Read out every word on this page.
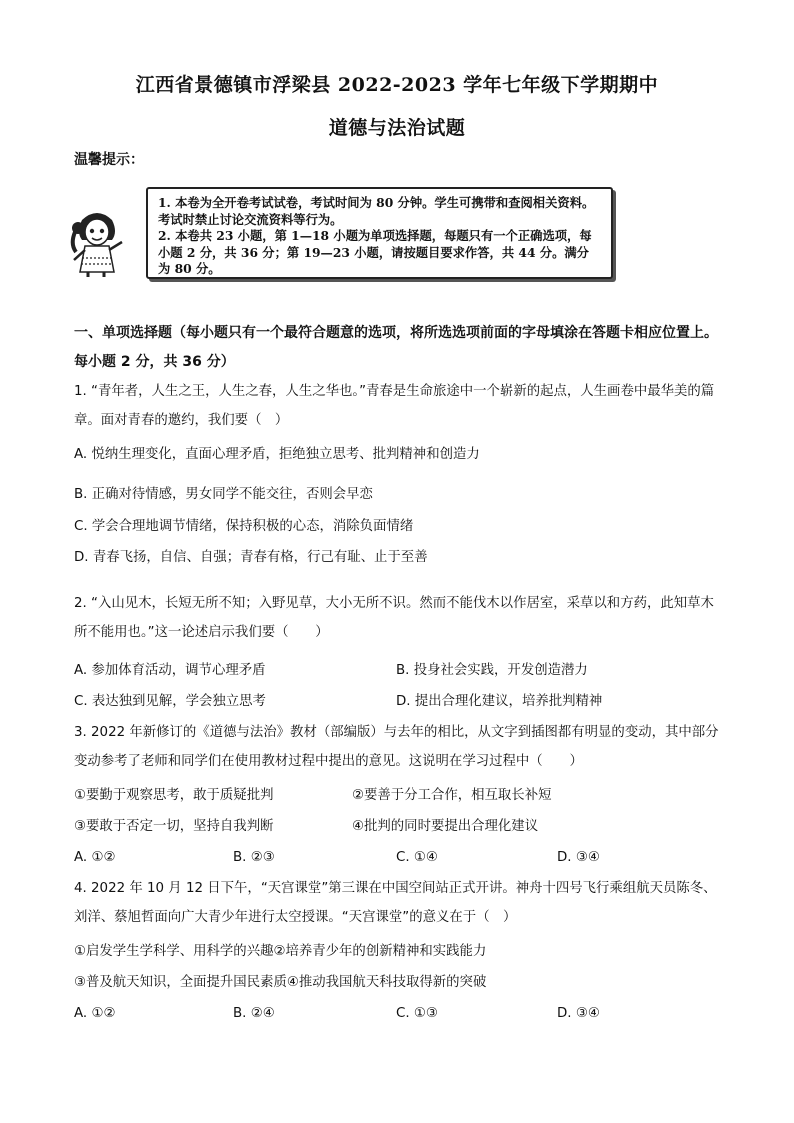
江西省景德镇市浮梁县 2022-2023 学年七年级下学期期中
道德与法治试题
温馨提示：

1. 本卷为全开卷考试试卷，考试时间为 80 分钟。学生可携带和查阅相关资料。考试时禁止讨论交流资料等行为。

2. 本卷共 23 小题，第 1—18 小题为单项选择题，每题只有一个正确选项，每小题 2 分，共 36 分；第 19—23 小题，请按题目要求作答，共 44 分。满分为 80 分。

一、单项选择题（每小题只有一个最符合题意的选项，将所选选项前面的字母填涂在答题卡相应位置上。每小题 2 分，共 36 分）
1. “青年者，人生之王，人生之春，人生之华也。”青春是生命旅途中一个崭新的起点，人生画卷中最华美的篇章。面对青春的邀约，我们要（　）
A. 悦纳生理变化，直面心理矛盾，拒绝独立思考、批判精神和创造力
B. 正确对待情感，男女同学不能交往，否则会早恋
C. 学会合理地调节情绪，保持积极的心态，消除负面情绪
D. 青春飞扬，自信、自强；青春有格，行己有耻、止于至善
2. “入山见木，长短无所不知；入野见草，大小无所不识。然而不能伐木以作居室，采草以和方药，此知草木所不能用也。”这一论述启示我们要（　　）
A. 参加体育活动，调节心理矛盾	B. 投身社会实践，开发创造潜力
C. 表达独到见解，学会独立思考	D. 提出合理化建议，培养批判精神
3. 2022 年新修订的《道德与法治》教材（部编版）与去年的相比，从文字到插图都有明显的变动，其中部分变动参考了老师和同学们在使用教材过程中提出的意见。这说明在学习过程中（　　）
①要勤于观察思考，敢于质疑批判	②要善于分工合作，相互取长补短
③要敢于否定一切，坚持自我判断	④批判的同时要提出合理化建议
A. ①②	B. ②③	C. ①④	D. ③④
4. 2022 年 10 月 12 日下午，“天宫课堂”第三课在中国空间站正式开讲。神舟十四号飞行乘组航天员陈冬、刘洋、蔡旭哲面向广大青少年进行太空授课。“天宫课堂”的意义在于（　）
①启发学生学科学、用科学的兴趣②培养青少年的创新精神和实践能力
③普及航天知识，全面提升国民素质④推动我国航天科技取得新的突破
A. ①②	B. ②④	C. ①③	D. ③④
